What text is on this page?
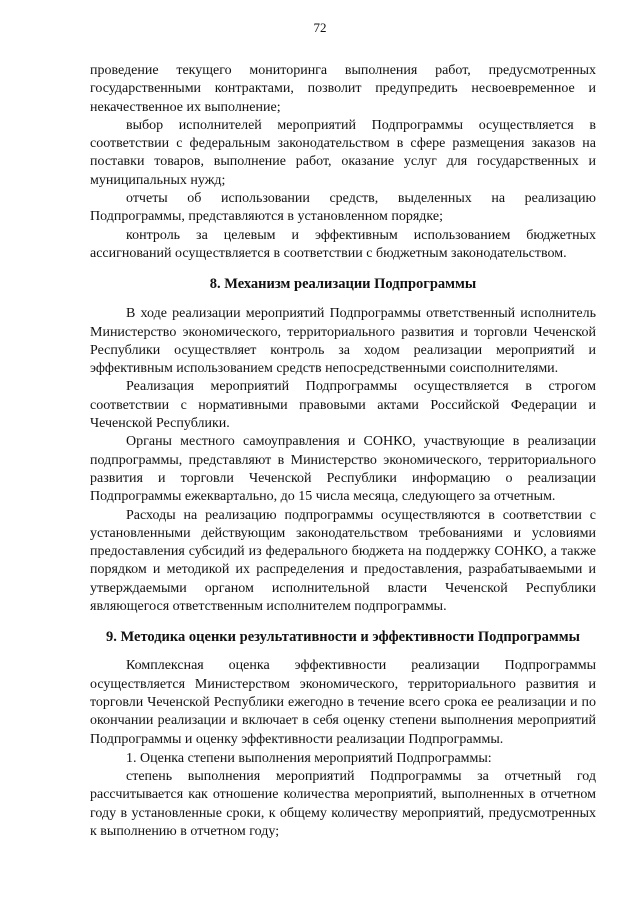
72

проведение текущего мониторинга выполнения работ, предусмотренных государственными контрактами, позволит предупредить несвоевременное и некачественное их выполнение;

выбор исполнителей мероприятий Подпрограммы осуществляется в соответствии с федеральным законодательством в сфере размещения заказов на поставки товаров, выполнение работ, оказание услуг для государственных и муниципальных нужд;

отчеты об использовании средств, выделенных на реализацию Подпрограммы, представляются в установленном порядке;

контроль за целевым и эффективным использованием бюджетных ассигнований осуществляется в соответствии с бюджетным законодательством.

8. Механизм реализации Подпрограммы

В ходе реализации мероприятий Подпрограммы ответственный исполнитель Министерство экономического, территориального развития и торговли Чеченской Республики осуществляет контроль за ходом реализации мероприятий и эффективным использованием средств непосредственными соисполнителями.

Реализация мероприятий Подпрограммы осуществляется в строгом соответствии с нормативными правовыми актами Российской Федерации и Чеченской Республики.

Органы местного самоуправления и СОНКО, участвующие в реализации подпрограммы, представляют в Министерство экономического, территориального развития и торговли Чеченской Республики информацию о реализации Подпрограммы ежеквартально, до 15 числа месяца, следующего за отчетным.

Расходы на реализацию подпрограммы осуществляются в соответствии с установленными действующим законодательством требованиями и условиями предоставления субсидий из федерального бюджета на поддержку СОНКО, а также порядком и методикой их распределения и предоставления, разрабатываемыми и утверждаемыми органом исполнительной власти Чеченской Республики являющегося ответственным исполнителем подпрограммы.

9. Методика оценки результативности и эффективности Подпрограммы

Комплексная оценка эффективности реализации Подпрограммы осуществляется Министерством экономического, территориального развития и торговли Чеченской Республики ежегодно в течение всего срока ее реализации и по окончании реализации и включает в себя оценку степени выполнения мероприятий Подпрограммы и оценку эффективности реализации Подпрограммы.

1. Оценка степени выполнения мероприятий Подпрограммы:

степень выполнения мероприятий Подпрограммы за отчетный год рассчитывается как отношение количества мероприятий, выполненных в отчетном году в установленные сроки, к общему количеству мероприятий, предусмотренных к выполнению в отчетном году;
